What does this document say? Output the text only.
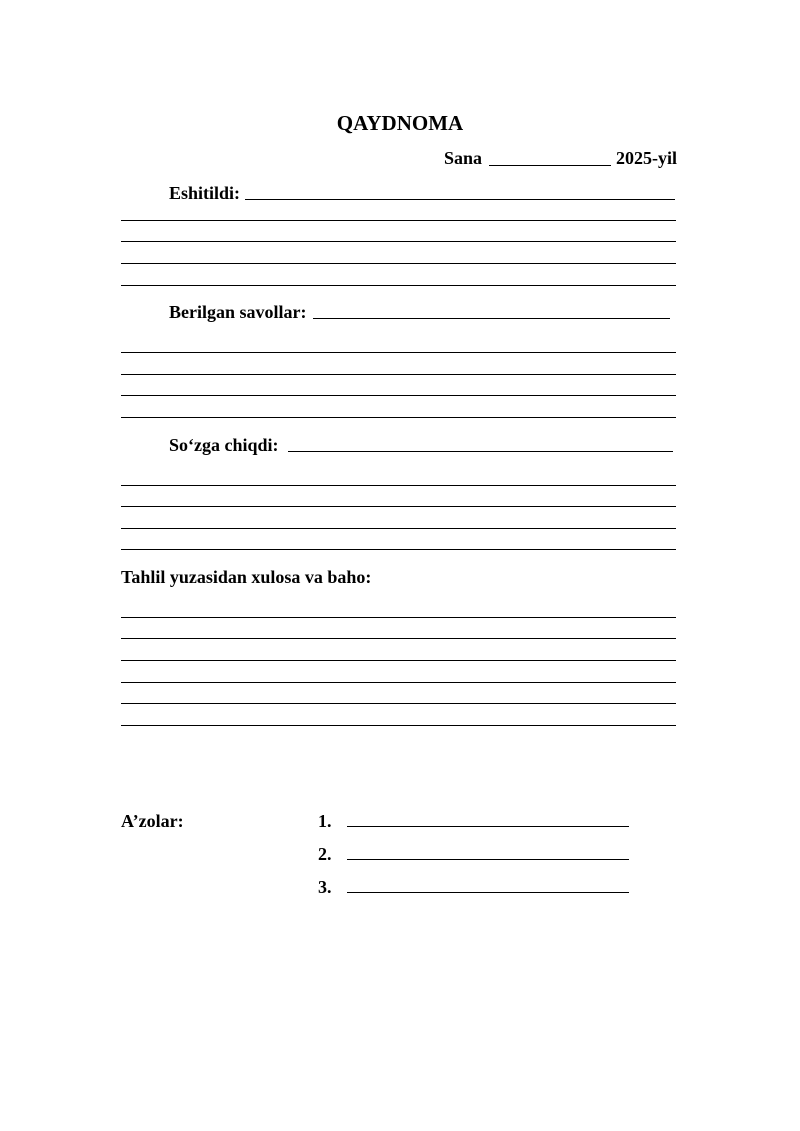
QAYDNOMA
Sana	2025-yil
Eshitildi:
Berilgan savollar:
So‘zga chiqdi:
Tahlil yuzasidan xulosa va baho:
A’zolar:	1.
2.
3.
